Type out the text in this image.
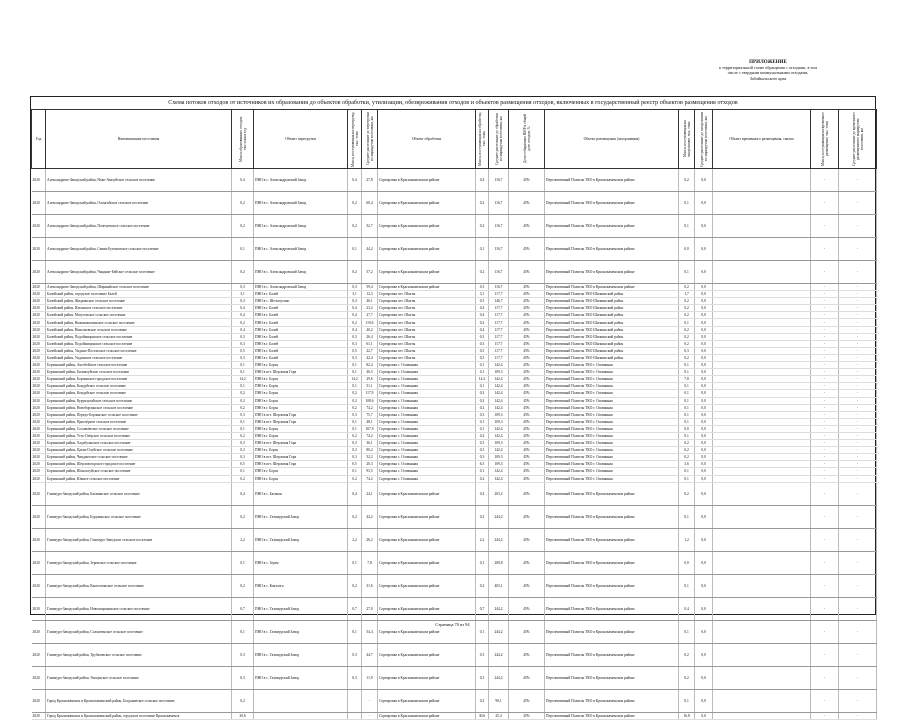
ПРИЛОЖЕНИЕ
к территориальной схеме обращения с отходами, в том
числе с твердыми коммунальными отходами,
Забайкальского края
Схема потоков отходов от источников их образования до объектов обработки, утилизации, обезвреживания отходов и объектов размещения отходов, включенных в государственный реестр объектов размещения отходов
Год	Наименование поселения	Масса образованных отходов, тыс.тонн в год	Объект перегрузки	Масса, поступающая на перегрузку, тыс. тонн	Среднее расстояние до перегрузки по маршрутам поселения, км	Объект обработки	Масса, поступающая на обработку, тыс. тонн	Среднее расстояние до обработки по маршрутам поселения, км	Доля отбираемых ВМР в общей доле отходов, %	Объект размещения (захоронения)	Масса, поступающая на захоронение, тыс. тонн	Среднее расстояние до захоронения по маршрутам поселения, км	Объект временного размещения, свалка	Масса, поступающая на временное размещение, тыс. тонн	Среднее расстояние до временного размещения по маршрутам поселения, км
2020	Александрово-Заводский район, Ново-Акатуйское сельское поселение	0,4	ПНО в с. Александровский Завод	0,4	27,8	Сортировка в Краснокаменском районе	0,4	116,7	45%	Перспективный Полигон ТКО в Краснокаменском районе	0,2	0,0		-	-
2020	Александрово-Заводский район, Олонгойское сельское поселение	0,2	ПНО в с. Александровский Завод	0,2	60,4	Сортировка в Краснокаменском районе	0,2	116,7	45%	Перспективный Полигон ТКО в Краснокаменском районе	0,1	0,0		-	-
2020	Александрово-Заводский район, Почечуевское сельское поселение	0,2	ПНО в с. Александровский Завод	0,2	52,7	Сортировка в Краснокаменском районе	0,2	116,7	45%	Перспективный Полигон ТКО в Краснокаменском районе	0,1	0,0		-	-
2020	Александрово-Заводский район, Савин-Бутомовское сельское поселение	0,1	ПНО в с. Александровский Завод	0,1	44,2	Сортировка в Краснокаменском районе	0,1	116,7	45%	Перспективный Полигон ТКО в Краснокаменском районе	0,0	0,0		-	-
2020	Александрово-Заводский район, Чиндант-Бейское сельское поселение	0,2	ПНО в с. Александровский Завод	0,2	57,2	Сортировка в Краснокаменском районе	0,2	116,7	45%	Перспективный Полигон ТКО в Краснокаменском районе	0,1	0,0		-	-
2020	Александрово-Заводский район, Шаранайское сельское поселение	0,3	ПНО в с. Александровский Завод	0,3	59,4	Сортировка в Краснокаменском районе	0,3	116,7	45%	Перспективный Полигон ТКО в Краснокаменском районе	0,2	0,0		-	-
2020	Балейский район, городское поселение Балей	3,1	ПНО в г. Балей	3,1	12,3	Сортировка пгт. Шахты	3,1	117,7	45%	Перспективный Полигон ТКО Шилкинский район	1,7	0,0		-	-
2020	Балейский район, Жидкинское сельское поселение	0,3	ПНО в с. Шелопугино	0,3	46,1	Сортировка пгт. Шахты	0,3	146,7	45%	Перспективный Полигон ТКО Шилкинский район	0,2	0,0		-	-
2020	Балейский район, Ильинское сельское поселение	0,4	ПНО в г. Балей	0,4	23,2	Сортировка пгт. Шахты	0,4	117,7	45%	Перспективный Полигон ТКО Шилкинский район	0,2	0,0		-	-
2020	Балейский район, Матусовское сельское поселение	0,4	ПНО в г. Балей	0,4	27,7	Сортировка пгт. Шахты	0,4	117,7	45%	Перспективный Полигон ТКО Шилкинский район	0,2	0,0		-	-
2020	Балейский район, Нижнеишагинское сельское поселение	0,2	ПНО в г. Балей	0,2	119,6	Сортировка пгт. Шахты	0,2	117,7	45%	Перспективный Полигон ТКО Шилкинский район	0,1	0,0		-	-
2020	Балейский район, Николаевское сельское поселение	0,4	ПНО в г. Балей	0,4	40,2	Сортировка пгт. Шахты	0,4	117,7	45%	Перспективный Полигон ТКО Шилкинский район	0,2	0,0		-	-
2020	Балейский район, Подойницынское сельское поселение	0,3	ПНО в г. Балей	0,3	26,4	Сортировка пгт. Шахты	0,3	117,7	45%	Перспективный Полигон ТКО Шилкинский район	0,2	0,0		-	-
2020	Балейский район, Подоймицинское сельское поселение	0,3	ПНО в г. Балей	0,3	61,1	Сортировка пгт. Шахты	0,3	117,7	45%	Перспективный Полигон ТКО Шилкинский район	0,2	0,0		-	-
2020	Балейский район, Ундино-Посельское сельское поселение	0,5	ПНО в г. Балей	0,5	22,7	Сортировка пгт. Шахты	0,5	117,7	45%	Перспективный Полигон ТКО Шилкинский район	0,3	0,0		-	-
2020	Балейский район, Ундинское сельское поселение	0,3	ПНО в г. Балей	0,3	42,4	Сортировка пгт. Шахты	0,3	117,7	45%	Перспективный Полигон ТКО Шилкинский район	0,2	0,0		-	-
2020	Борзинский район, Акгобейское сельское поселение	0,1	ПНО в г. Борзя	0,1	82,4	Сортировка с. Оловянная	0,1	142,4	45%	Перспективный Полигон ТКО г. Оловянная	0,1	0,0		-	-
2020	Борзинский район, Биликтуйское сельское поселение	0,1	ПНО в пгт. Шерловая Гора	0,1	46,5	Сортировка с. Оловянная	0,1	109,3	45%	Перспективный Полигон ТКО г. Оловянная	0,1	0,0		-	-
2020	Борзинский район, Борзинское городское поселение	14,2	ПНО в г. Борзя	14,2	29,6	Сортировка с. Оловянная	14,2	142,4	45%	Перспективный Полигон ТКО г. Оловянная	7,8	0,0		-	-
2020	Борзинский район, Кондуйское сельское поселение	0,1	ПНО в г. Борзя	0,1	51,1	Сортировка с. Оловянная	0,1	142,4	45%	Перспективный Полигон ТКО г. Оловянная	0,1	0,0		-	-
2020	Борзинский район, Кондуйское сельское поселение	0,2	ПНО в г. Борзя	0,2	117,9	Сортировка с. Оловянная	0,2	142,4	45%	Перспективный Полигон ТКО г. Оловянная	0,1	0,0		-	-
2020	Борзинский район, Курунзулайское сельское поселение	0,2	ПНО в г. Борзя	0,2	108,6	Сортировка с. Оловянная	0,2	142,4	45%	Перспективный Полигон ТКО г. Оловянная	0,1	0,0		-	-
2020	Борзинский район, Новоборзинское сельское поселение	0,2	ПНО в г. Борзя	0,2	74,2	Сортировка с. Оловянная	0,2	142,4	45%	Перспективный Полигон ТКО г. Оловянная	0,1	0,0		-	-
2020	Борзинский район, Передо-Борзинское сельское поселение	0,3	ПНО в пгт. Шерловая Гора	0,3	75,7	Сортировка с. Оловянная	0,3	109,3	45%	Перспективный Полигон ТКО г. Оловянная	0,1	0,0		-	-
2020	Борзинский район, Приозёрное сельское поселение	0,1	ПНО в пгт. Шерловая Гора	0,1	48,1	Сортировка с. Оловянная	0,1	109,3	45%	Перспективный Полигон ТКО г. Оловянная	0,1	0,0		-	-
2020	Борзинский район, Соловьёвское сельское поселение	0,1	ПНО в г. Борзя	0,1	167,9	Сортировка с. Оловянная	0,1	142,4	45%	Перспективный Полигон ТКО г. Оловянная	0,0	0,0		-	-
2020	Борзинский район, Усть-Озёрское сельское поселение	0,2	ПНО в г. Борзя	0,2	74,2	Сортировка с. Оловянная	0,2	142,4	45%	Перспективный Полигон ТКО г. Оловянная	0,1	0,0		-	-
2020	Борзинский район, Хадабулакское сельское поселение	0,3	ПНО в пгт. Шерловая Гора	0,3	36,1	Сортировка с. Оловянная	0,3	109,3	45%	Перспективный Полигон ТКО г. Оловянная	0,2	0,0		-	-
2020	Борзинский район, Цаган-Олуйское сельское поселение	0,3	ПНО в г. Борзя	0,3	80,2	Сортировка с. Оловянная	0,3	142,4	45%	Перспективный Полигон ТКО г. Оловянная	0,2	0,0		-	-
2020	Борзинский район, Чиндантское сельское поселение	0,3	ПНО в пгт. Шерловая Гора	0,3	52,2	Сортировка с. Оловянная	0,3	109,3	45%	Перспективный Полигон ТКО г. Оловянная	0,2	0,0		-	-
2020	Борзинский район, Шерловогорское городское поселение	6,5	ПНО в пгт. Шерловая Гора	6,5	20,3	Сортировка с. Оловянная	6,5	109,3	45%	Перспективный Полигон ТКО г. Оловянная	3,6	0,0		-	-
2020	Борзинский район, Шоноктуйское сельское поселение	0,1	ПНО в г. Борзя	0,1	93,5	Сортировка с. Оловянная	0,1	142,4	45%	Перспективный Полигон ТКО г. Оловянная	0,1	0,0		-	-
2020	Борзинский район, Южное сельское поселение	0,2	ПНО в г. Борзя	0,2	74,2	Сортировка с. Оловянная	0,2	142,4	45%	Перспективный Полигон ТКО г. Оловянная	0,1	0,0		-	-
2020	Газимуро-Заводский район, Батаканское сельское поселение	0,4	ПНО в с. Батакан	0,4	24,1	Сортировка в Краснокаменском районе	0,4	203,2	45%	Перспективный Полигон ТКО в Краснокаменском районе	0,2	0,0		-	-
2020	Газимуро-Заводский район, Бурукинское сельское поселение	0,2	ПНО в с. Газимурский Завод	0,2	44,2	Сортировка в Краснокаменском районе	0,2	244,2	45%	Перспективный Полигон ТКО в Краснокаменском районе	0,1	0,0		-	-
2020	Газимуро-Заводский район, Газимуро-Заводское сельское поселение	2,2	ПНО в с. Газимурский Завод	2,2	28,2	Сортировка в Краснокаменском районе	2,2	244,2	45%	Перспективный Полигон ТКО в Краснокаменском районе	1,2	0,0		-	-
2020	Газимуро-Заводский район, Зеренское сельское поселение	0,1	ПНО в с. Зерен	0,1	7,8	Сортировка в Краснокаменском районе	0,1	208,8	45%	Перспективный Полигон ТКО в Краснокаменском районе	0,0	0,0		-	-
2020	Газимуро-Заводский район, Кактолгинское сельское поселение	0,2	ПНО в с. Кактолга	0,2	31,6	Сортировка в Краснокаменском районе	0,2	403,1	45%	Перспективный Полигон ТКО в Краснокаменском районе	0,1	0,0		-	-
2020	Газимуро-Заводский район, Новоширокинское сельское поселение	0,7	ПНО в с. Газимурский Завод	0,7	27,0	Сортировка в Краснокаменском районе	0,7	244,2	45%	Перспективный Полигон ТКО в Краснокаменском районе	0,4	0,0		-	-
2020	Газимуро-Заводский район, Солонченское сельское поселение	0,1	ПНО в с. Газимурский Завод	0,1	54,4	Сортировка в Краснокаменском районе	0,1	244,2	45%	Перспективный Полигон ТКО в Краснокаменском районе	0,1	0,0		-	-
2020	Газимуро-Заводский район, Трубачевское сельское поселение	0,3	ПНО в с. Газимурский Завод	0,3	44,7	Сортировка в Краснокаменском районе	0,3	244,2	45%	Перспективный Полигон ТКО в Краснокаменском районе	0,2	0,0		-	-
2020	Газимуро-Заводский район, Ушмунское сельское поселение	0,3	ПНО в с. Газимурский Завод	0,3	11,9	Сортировка в Краснокаменском районе	0,3	244,2	45%	Перспективный Полигон ТКО в Краснокаменском районе	0,2	0,0		-	-
2020	Город Краснокаменск и Краснокаменский район, Богдановское сельское поселение	0,2			-	Сортировка в Краснокаменском районе	0,2	90,1	45%	Перспективный Полигон ТКО в Краснокаменском районе	0,1	0,0		-	-
2020	Город Краснокаменск и Краснокаменский район, городское поселение Краснокаменск	30,6			-	Сортировка в Краснокаменском районе	30,6	25,4	45%	Перспективный Полигон ТКО в Краснокаменском районе	16,8	0,0		-	-
Страница 70 из 94
